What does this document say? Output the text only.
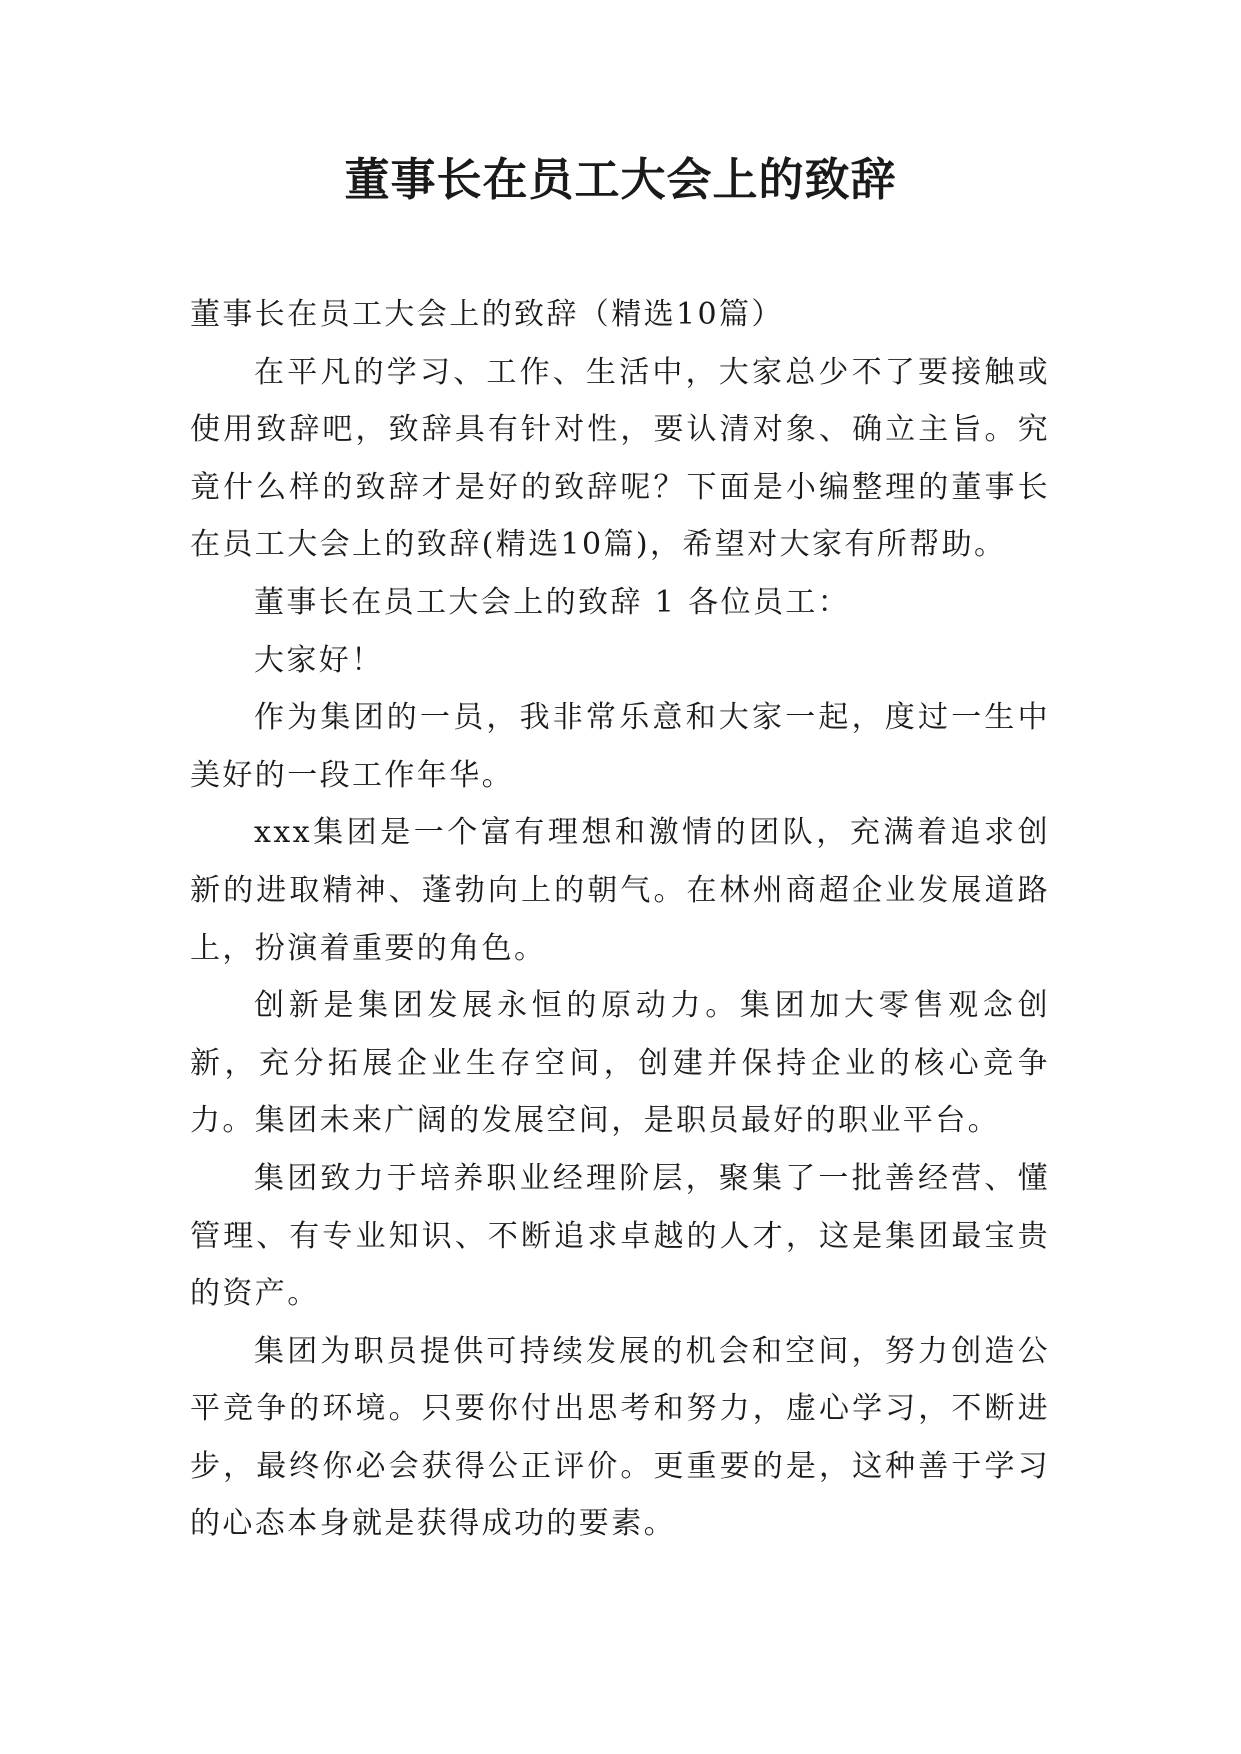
董事长在员工大会上的致辞

董事长在员工大会上的致辞（精选10篇）

在平凡的学习、工作、生活中，大家总少不了要接触或使用致辞吧，致辞具有针对性，要认清对象、确立主旨。究竟什么样的致辞才是好的致辞呢？下面是小编整理的董事长在员工大会上的致辞(精选10篇)，希望对大家有所帮助。

董事长在员工大会上的致辞 1 各位员工：

大家好！

作为集团的一员，我非常乐意和大家一起，度过一生中美好的一段工作年华。

xxx集团是一个富有理想和激情的团队，充满着追求创新的进取精神、蓬勃向上的朝气。在林州商超企业发展道路上，扮演着重要的角色。

创新是集团发展永恒的原动力。集团加大零售观念创新，充分拓展企业生存空间，创建并保持企业的核心竞争力。集团未来广阔的发展空间，是职员最好的职业平台。

集团致力于培养职业经理阶层，聚集了一批善经营、懂管理、有专业知识、不断追求卓越的人才，这是集团最宝贵的资产。

集团为职员提供可持续发展的机会和空间，努力创造公平竞争的环境。只要你付出思考和努力，虚心学习，不断进步，最终你必会获得公正评价。更重要的是，这种善于学习的心态本身就是获得成功的要素。
